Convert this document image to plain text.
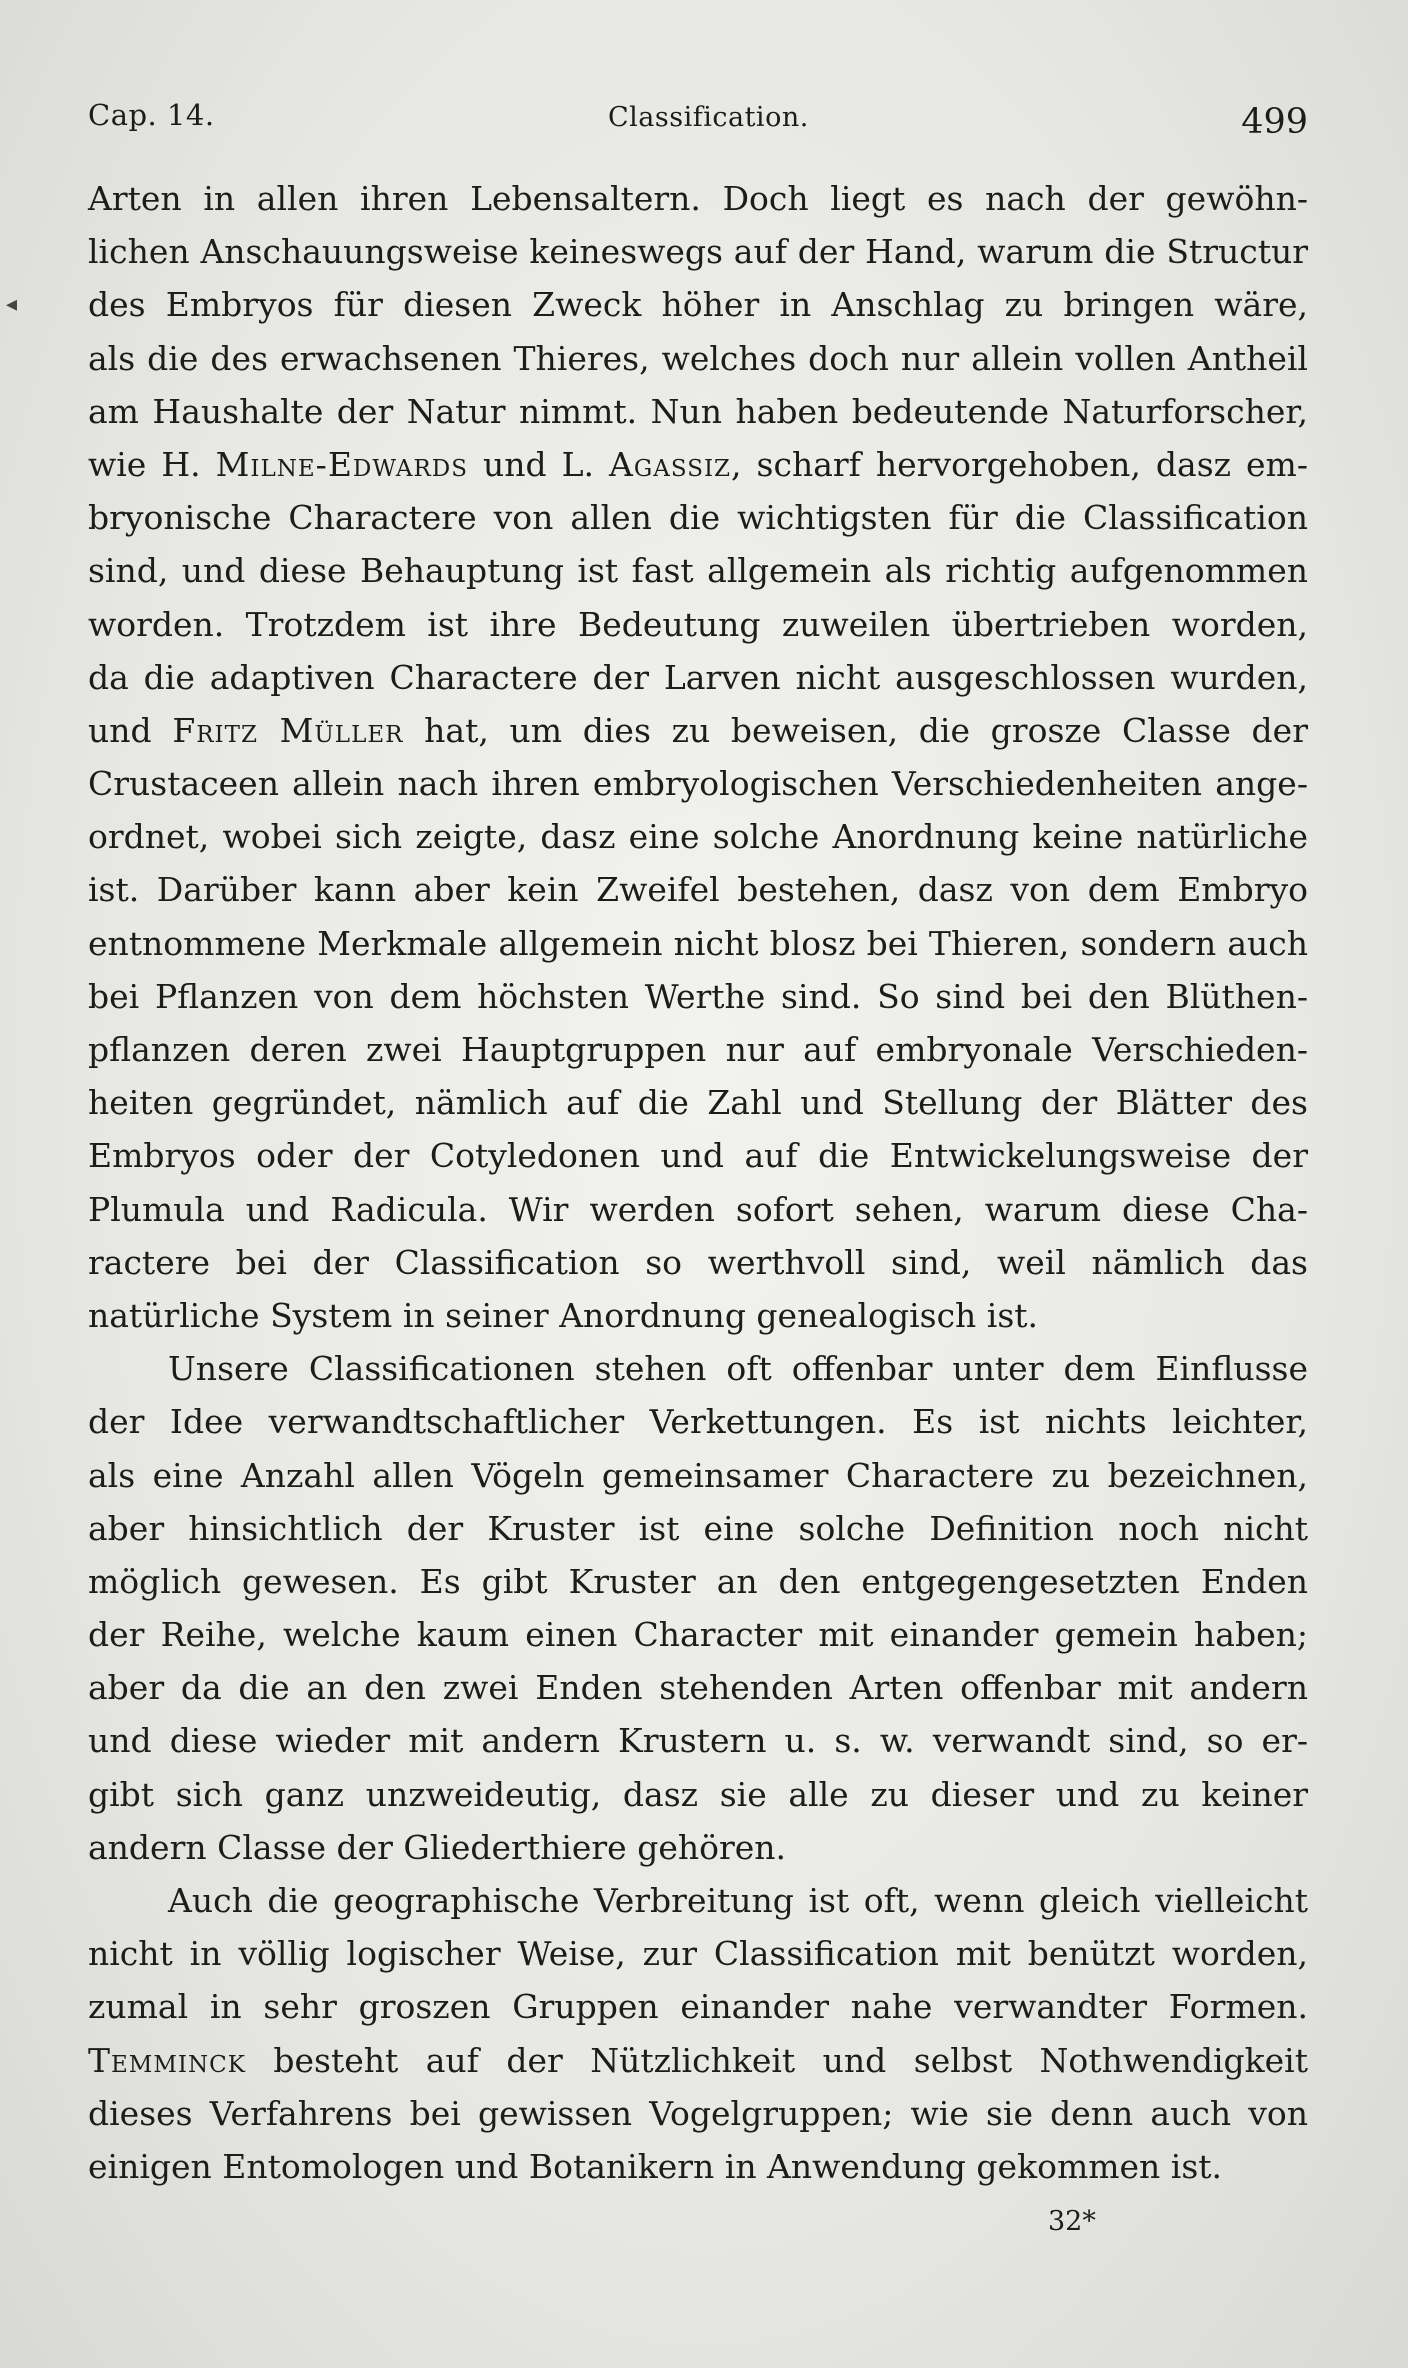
◂
Cap. 14.	Classification.	499
Arten in allen ihren Lebensaltern. Doch liegt es nach der gewöhn-
lichen Anschauungsweise keineswegs auf der Hand, warum die Structur
des Embryos für diesen Zweck höher in Anschlag zu bringen wäre,
als die des erwachsenen Thieres, welches doch nur allein vollen Antheil
am Haushalte der Natur nimmt. Nun haben bedeutende Naturforscher,
wie H. Milne-Edwards und L. Agassiz, scharf hervorgehoben, dasz em-
bryonische Charactere von allen die wichtigsten für die Classification
sind, und diese Behauptung ist fast allgemein als richtig aufgenommen
worden. Trotzdem ist ihre Bedeutung zuweilen übertrieben worden,
da die adaptiven Charactere der Larven nicht ausgeschlossen wurden,
und Fritz Müller hat, um dies zu beweisen, die grosze Classe der
Crustaceen allein nach ihren embryologischen Verschiedenheiten ange-
ordnet, wobei sich zeigte, dasz eine solche Anordnung keine natürliche
ist. Darüber kann aber kein Zweifel bestehen, dasz von dem Embryo
entnommene Merkmale allgemein nicht blosz bei Thieren, sondern auch
bei Pflanzen von dem höchsten Werthe sind. So sind bei den Blüthen-
pflanzen deren zwei Hauptgruppen nur auf embryonale Verschieden-
heiten gegründet, nämlich auf die Zahl und Stellung der Blätter des
Embryos oder der Cotyledonen und auf die Entwickelungsweise der
Plumula und Radicula. Wir werden sofort sehen, warum diese Cha-
ractere bei der Classification so werthvoll sind, weil nämlich das
natürliche System in seiner Anordnung genealogisch ist.
Unsere Classificationen stehen oft offenbar unter dem Einflusse
der Idee verwandtschaftlicher Verkettungen. Es ist nichts leichter,
als eine Anzahl allen Vögeln gemeinsamer Charactere zu bezeichnen,
aber hinsichtlich der Kruster ist eine solche Definition noch nicht
möglich gewesen. Es gibt Kruster an den entgegengesetzten Enden
der Reihe, welche kaum einen Character mit einander gemein haben;
aber da die an den zwei Enden stehenden Arten offenbar mit andern
und diese wieder mit andern Krustern u. s. w. verwandt sind, so er-
gibt sich ganz unzweideutig, dasz sie alle zu dieser und zu keiner
andern Classe der Gliederthiere gehören.
Auch die geographische Verbreitung ist oft, wenn gleich vielleicht
nicht in völlig logischer Weise, zur Classification mit benützt worden,
zumal in sehr groszen Gruppen einander nahe verwandter Formen.
Temminck besteht auf der Nützlichkeit und selbst Nothwendigkeit
dieses Verfahrens bei gewissen Vogelgruppen; wie sie denn auch von
einigen Entomologen und Botanikern in Anwendung gekommen ist.
32*
